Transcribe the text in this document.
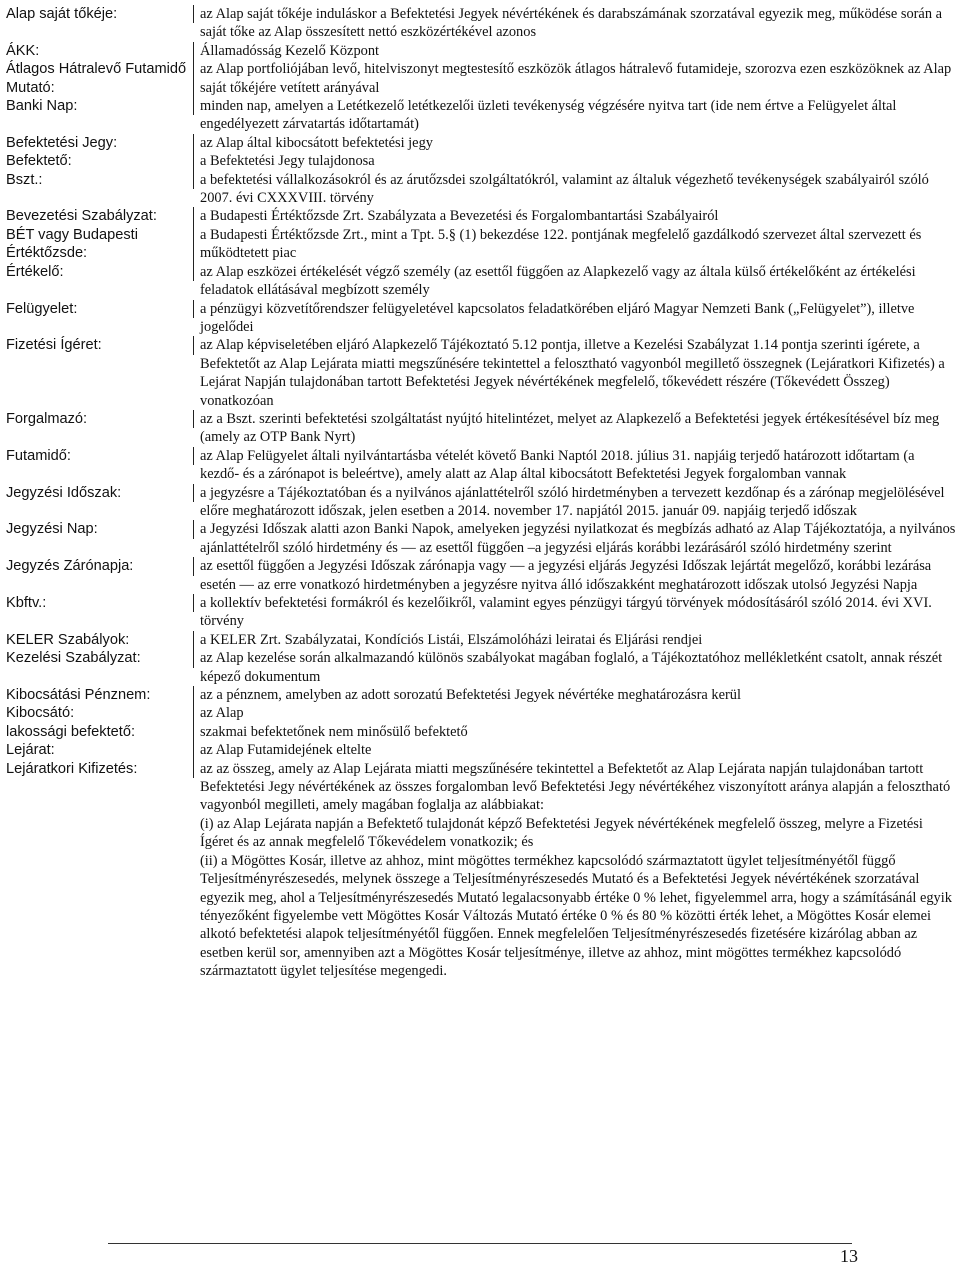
Alap saját tőkéje:	az Alap saját tőkéje induláskor a Befektetési Jegyek névértékének és darabszámának szorzatával egyezik meg, működése során a saját tőke az Alap összesített nettó eszközértékével azonos

ÁKK:	Államadósság Kezelő Központ

Átlagos Hátralevő Futamidő Mutató:

az Alap portfoliójában levő, hitelviszonyt megtestesítő eszközök átlagos hátralevő futamideje, szorozva ezen eszközöknek az Alap saját tőkéjére vetített arányával

Banki Nap:	minden nap, amelyen a Letétkezelő letétkezelői üzleti tevékenység végzésére nyitva tart (ide nem értve a Felügyelet által engedélyezett zárvatartás időtartamát)

Befektetési Jegy:	az Alap által kibocsátott befektetési jegy

Befektető:	a Befektetési Jegy tulajdonosa

Bszt.:	a befektetési vállalkozásokról és az árutőzsdei szolgáltatókról, valamint az általuk végezhető tevékenységek szabályairól szóló 2007. évi CXXXVIII. törvény

Bevezetési Szabályzat:	a Budapesti Értéktőzsde Zrt. Szabályzata a Bevezetési és Forgalombantartási Szabályairól

BÉT vagy Budapesti Értéktőzsde:

a Budapesti Értéktőzsde Zrt., mint a Tpt. 5.§ (1) bekezdése 122. pontjának megfelelő gazdálkodó szervezet által szervezett és működtetett piac

Értékelő:	az Alap eszközei értékelését végző személy (az esettől függően az Alapkezelő vagy az általa külső értékelőként az értékelési feladatok ellátásával megbízott személy

Felügyelet:	a pénzügyi közvetítőrendszer felügyeletével kapcsolatos feladatkörében eljáró Magyar Nemzeti Bank („Felügyelet”), illetve jogelődei

Fizetési Ígéret:	az Alap képviseletében eljáró Alapkezelő Tájékoztató 5.12 pontja, illetve a Kezelési Szabályzat 1.14 pontja szerinti ígérete, a Befektetőt az Alap Lejárata miatti megszűnésére tekintettel a felosztható vagyonból megillető összegnek (Lejáratkori Kifizetés) a Lejárat Napján tulajdonában tartott Befektetési Jegyek névértékének megfelelő, tőkevédett részére (Tőkevédett Összeg) vonatkozóan

Forgalmazó:	az a Bszt. szerinti befektetési szolgáltatást nyújtó hitelintézet, melyet az Alapkezelő a Befektetési jegyek értékesítésével bíz meg (amely az OTP Bank Nyrt)

Futamidő:	az Alap Felügyelet általi nyilvántartásba vételét követő Banki Naptól 2018. július 31. napjáig terjedő határozott időtartam (a kezdő- és a zárónapot is beleértve), amely alatt az Alap által kibocsátott Befektetési Jegyek forgalomban vannak

Jegyzési Időszak:	a jegyzésre a Tájékoztatóban és a nyilvános ajánlattételről szóló hirdetményben a tervezett kezdőnap és a zárónap megjelölésével előre meghatározott időszak, jelen esetben a 2014. november 17. napjától 2015. január 09. napjáig terjedő időszak

Jegyzési Nap:	a Jegyzési Időszak alatti azon Banki Napok, amelyeken jegyzési nyilatkozat és megbízás adható az Alap Tájékoztatója, a nyilvános ajánlattételről szóló hirdetmény és — az esettől függően –a jegyzési eljárás korábbi lezárásáról szóló hirdetmény szerint

Jegyzés Zárónapja:	az esettől függően a Jegyzési Időszak zárónapja vagy — a jegyzési eljárás Jegyzési Időszak lejártát megelőző, korábbi lezárása esetén — az erre vonatkozó hirdetményben a jegyzésre nyitva álló időszakként meghatározott időszak utolsó Jegyzési Napja

Kbftv.:	a kollektív befektetési formákról és kezelőikről, valamint egyes pénzügyi tárgyú törvények módosításáról szóló 2014. évi XVI. törvény

KELER Szabályok:	a KELER Zrt. Szabályzatai, Kondíciós Listái, Elszámolóházi leiratai és Eljárási rendjei

Kezelési Szabályzat:	az Alap kezelése során alkalmazandó különös szabályokat magában foglaló, a Tájékoztatóhoz mellékletként csatolt, annak részét képező dokumentum

Kibocsátási Pénznem:	az a pénznem, amelyben az adott sorozatú Befektetési Jegyek névértéke meghatározásra kerül

Kibocsátó:	az Alap

lakossági befektető:	szakmai befektetőnek nem minősülő befektető

Lejárat:	az Alap Futamidejének eltelte

Lejáratkori Kifizetés:	az az összeg, amely az Alap Lejárata miatti megszűnésére tekintettel a Befektetőt az Alap Lejárata napján tulajdonában tartott Befektetési Jegy névértékének az összes forgalomban levő Befektetési Jegy névértékéhez viszonyított aránya alapján a felosztható vagyonból megilleti, amely magában foglalja az alábbiakat:

(i) az Alap Lejárata napján a Befektető tulajdonát képző Befektetési Jegyek névértékének megfelelő összeg, melyre a Fizetési Ígéret és az annak megfelelő Tőkevédelem vonatkozik; és

(ii) a Mögöttes Kosár, illetve az ahhoz, mint mögöttes termékhez kapcsolódó származtatott ügylet teljesítményétől függő Teljesítményrészesedés, melynek összege a Teljesítményrészesedés Mutató és a Befektetési Jegyek névértékének szorzatával egyezik meg, ahol a Teljesítményrészesedés Mutató legalacsonyabb értéke 0 % lehet, figyelemmel arra, hogy a számításánál egyik tényezőként figyelembe vett Mögöttes Kosár Változás Mutató értéke 0 % és 80 % közötti érték lehet, a Mögöttes Kosár elemei alkotó befektetési alapok teljesítményétől függően. Ennek megfelelően Teljesítményrészesedés fizetésére kizárólag abban az esetben kerül sor, amennyiben azt a Mögöttes Kosár teljesítménye, illetve az ahhoz, mint mögöttes termékhez kapcsolódó származtatott ügylet teljesítése megengedi.

13
